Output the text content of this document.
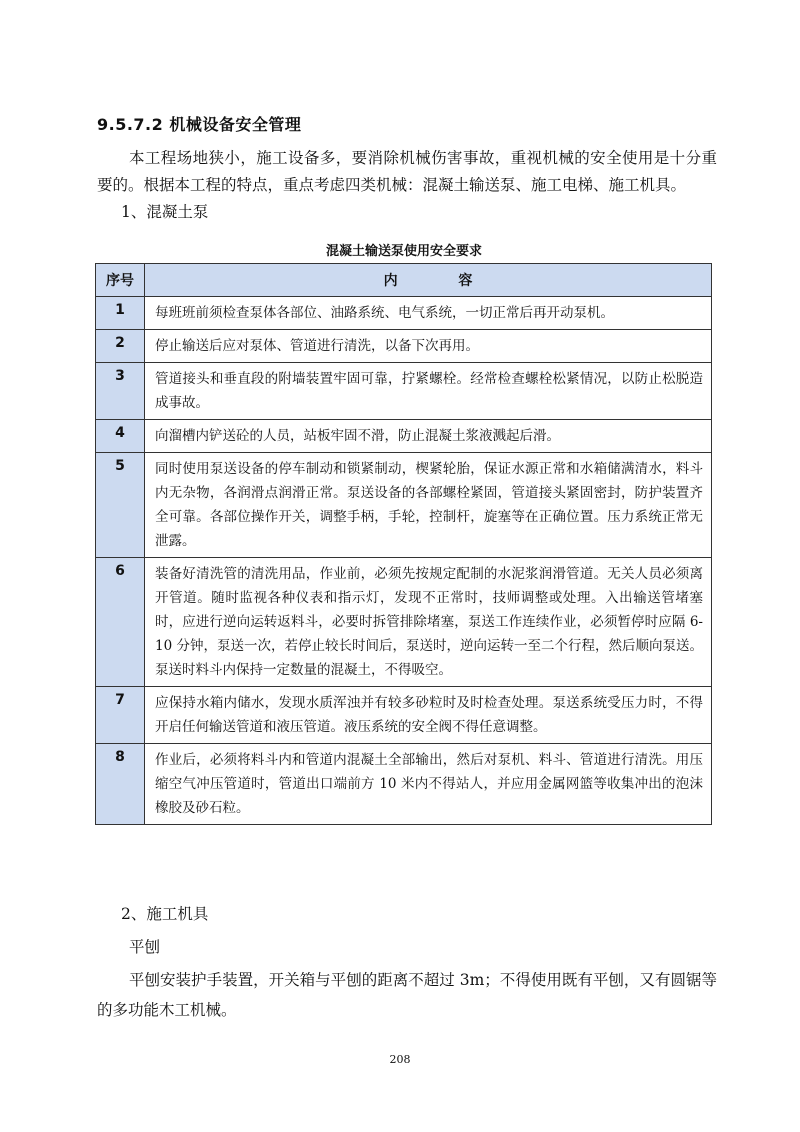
9.5.7.2 机械设备安全管理
本工程场地狭小，施工设备多，要消除机械伤害事故，重视机械的安全使用是十分重要的。根据本工程的特点，重点考虑四类机械：混凝土输送泵、施工电梯、施工机具。
1、混凝土泵
混凝土输送泵使用安全要求
序号	内 容
1	每班班前须检查泵体各部位、油路系统、电气系统，一切正常后再开动泵机。
2	停止输送后应对泵体、管道进行清洗，以备下次再用。
3	管道接头和垂直段的附墙装置牢固可靠，拧紧螺栓。经常检查螺栓松紧情况，以防止松脱造成事故。
4	向溜槽内铲送砼的人员，站板牢固不滑，防止混凝土浆液溅起后滑。
5	同时使用泵送设备的停车制动和锁紧制动，楔紧轮胎，保证水源正常和水箱储满清水，料斗内无杂物，各润滑点润滑正常。泵送设备的各部螺栓紧固，管道接头紧固密封，防护装置齐全可靠。各部位操作开关，调整手柄，手轮，控制杆，旋塞等在正确位置。压力系统正常无泄露。
6	装备好清洗管的清洗用品，作业前，必须先按规定配制的水泥浆润滑管道。无关人员必须离开管道。随时监视各种仪表和指示灯，发现不正常时，技师调整或处理。入出输送管堵塞时，应进行逆向运转返料斗，必要时拆管排除堵塞，泵送工作连续作业，必须暂停时应隔 6-10 分钟，泵送一次，若停止较长时间后，泵送时，逆向运转一至二个行程，然后顺向泵送。泵送时料斗内保持一定数量的混凝土，不得吸空。
7	应保持水箱内储水，发现水质浑浊并有较多砂粒时及时检查处理。泵送系统受压力时，不得开启任何输送管道和液压管道。液压系统的安全阀不得任意调整。
8	作业后，必须将料斗内和管道内混凝土全部输出，然后对泵机、料斗、管道进行清洗。用压缩空气冲压管道时，管道出口端前方 10 米内不得站人，并应用金属网篮等收集冲出的泡沫橡胶及砂石粒。
2、施工机具
平刨
平刨安装护手装置，开关箱与平刨的距离不超过 3m；不得使用既有平刨，又有圆锯等的多功能木工机械。
208
